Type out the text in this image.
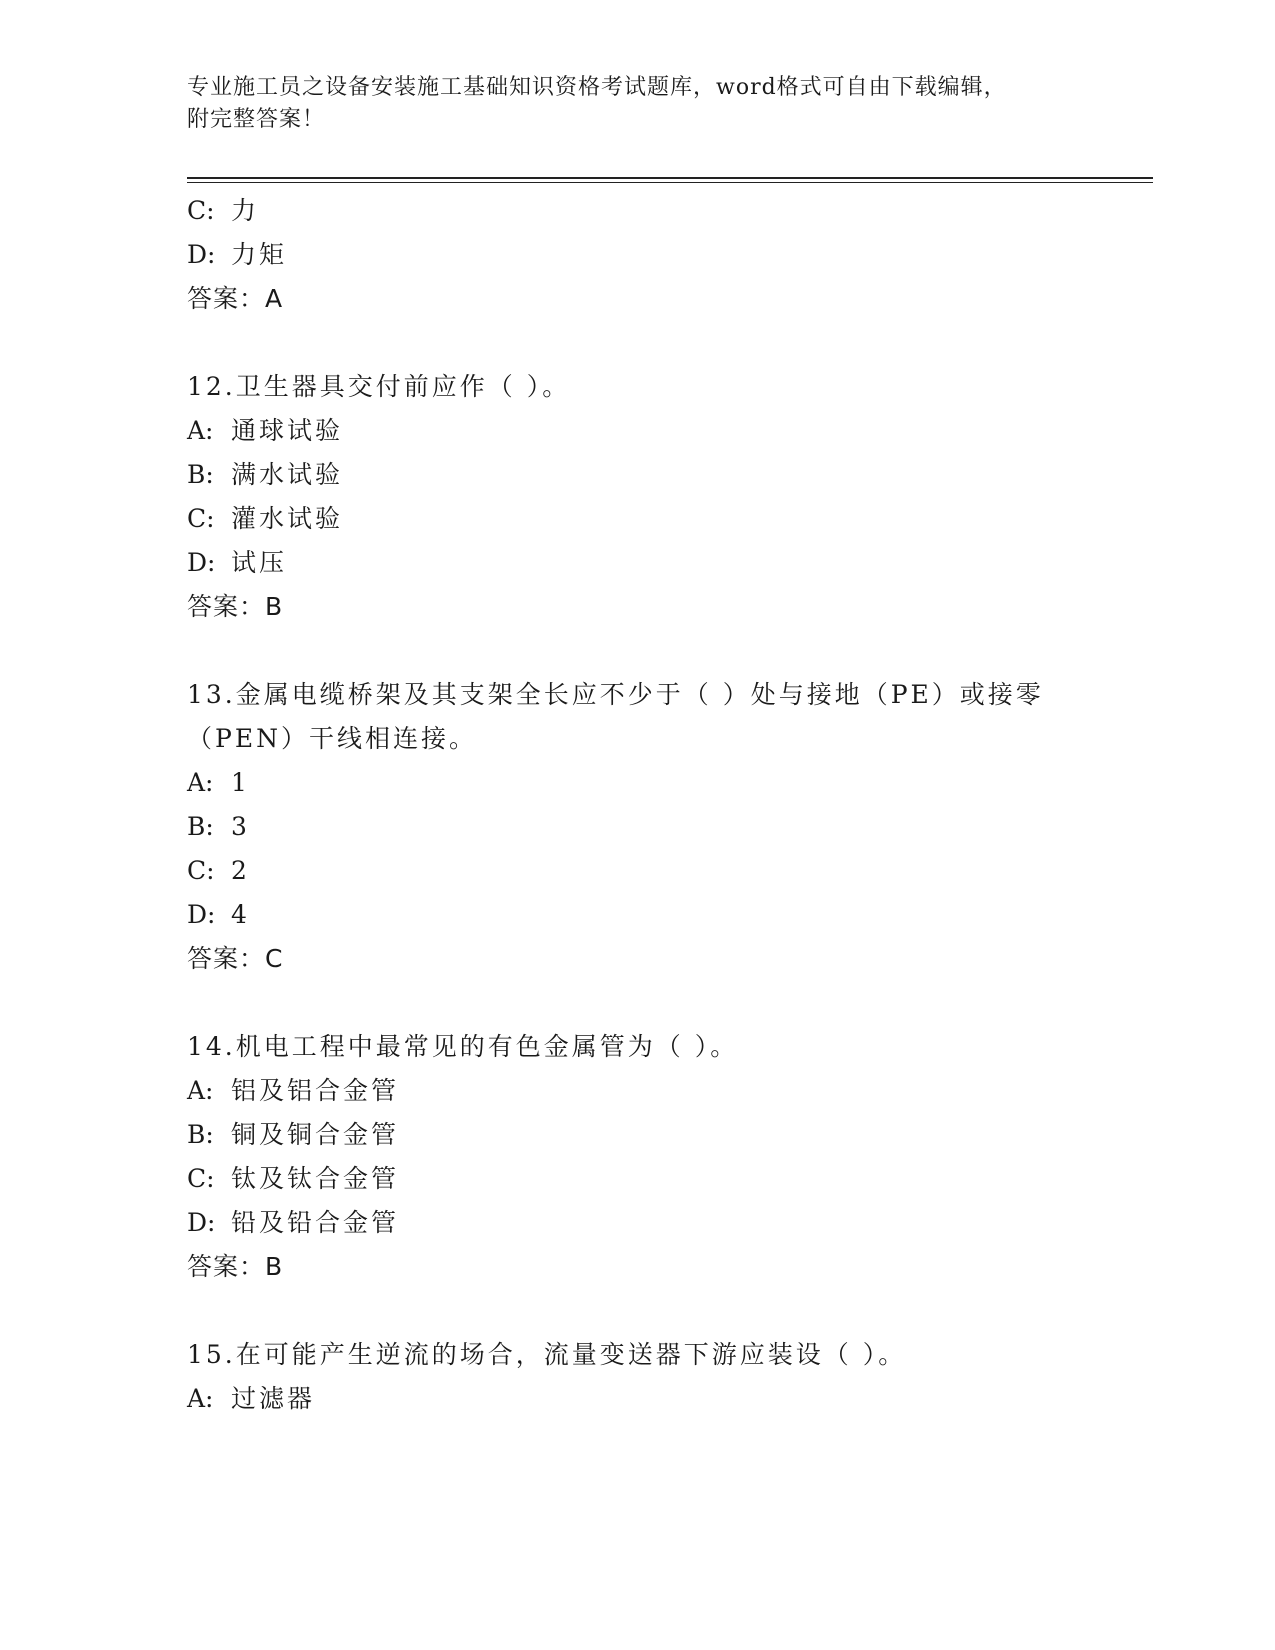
专业施工员之设备安装施工基础知识资格考试题库，word格式可自由下载编辑，
附完整答案！
C: 力
D: 力矩
答案：A
12.卫生器具交付前应作（ ）。
A: 通球试验
B: 满水试验
C: 灌水试验
D: 试压
答案：B
13.金属电缆桥架及其支架全长应不少于（ ）处与接地（PE）或接零
（PEN）干线相连接。
A: 1
B: 3
C: 2
D: 4
答案：C
14.机电工程中最常见的有色金属管为（ ）。
A: 铝及铝合金管
B: 铜及铜合金管
C: 钛及钛合金管
D: 铅及铅合金管
答案：B
15.在可能产生逆流的场合，流量变送器下游应装设（ ）。
A: 过滤器
